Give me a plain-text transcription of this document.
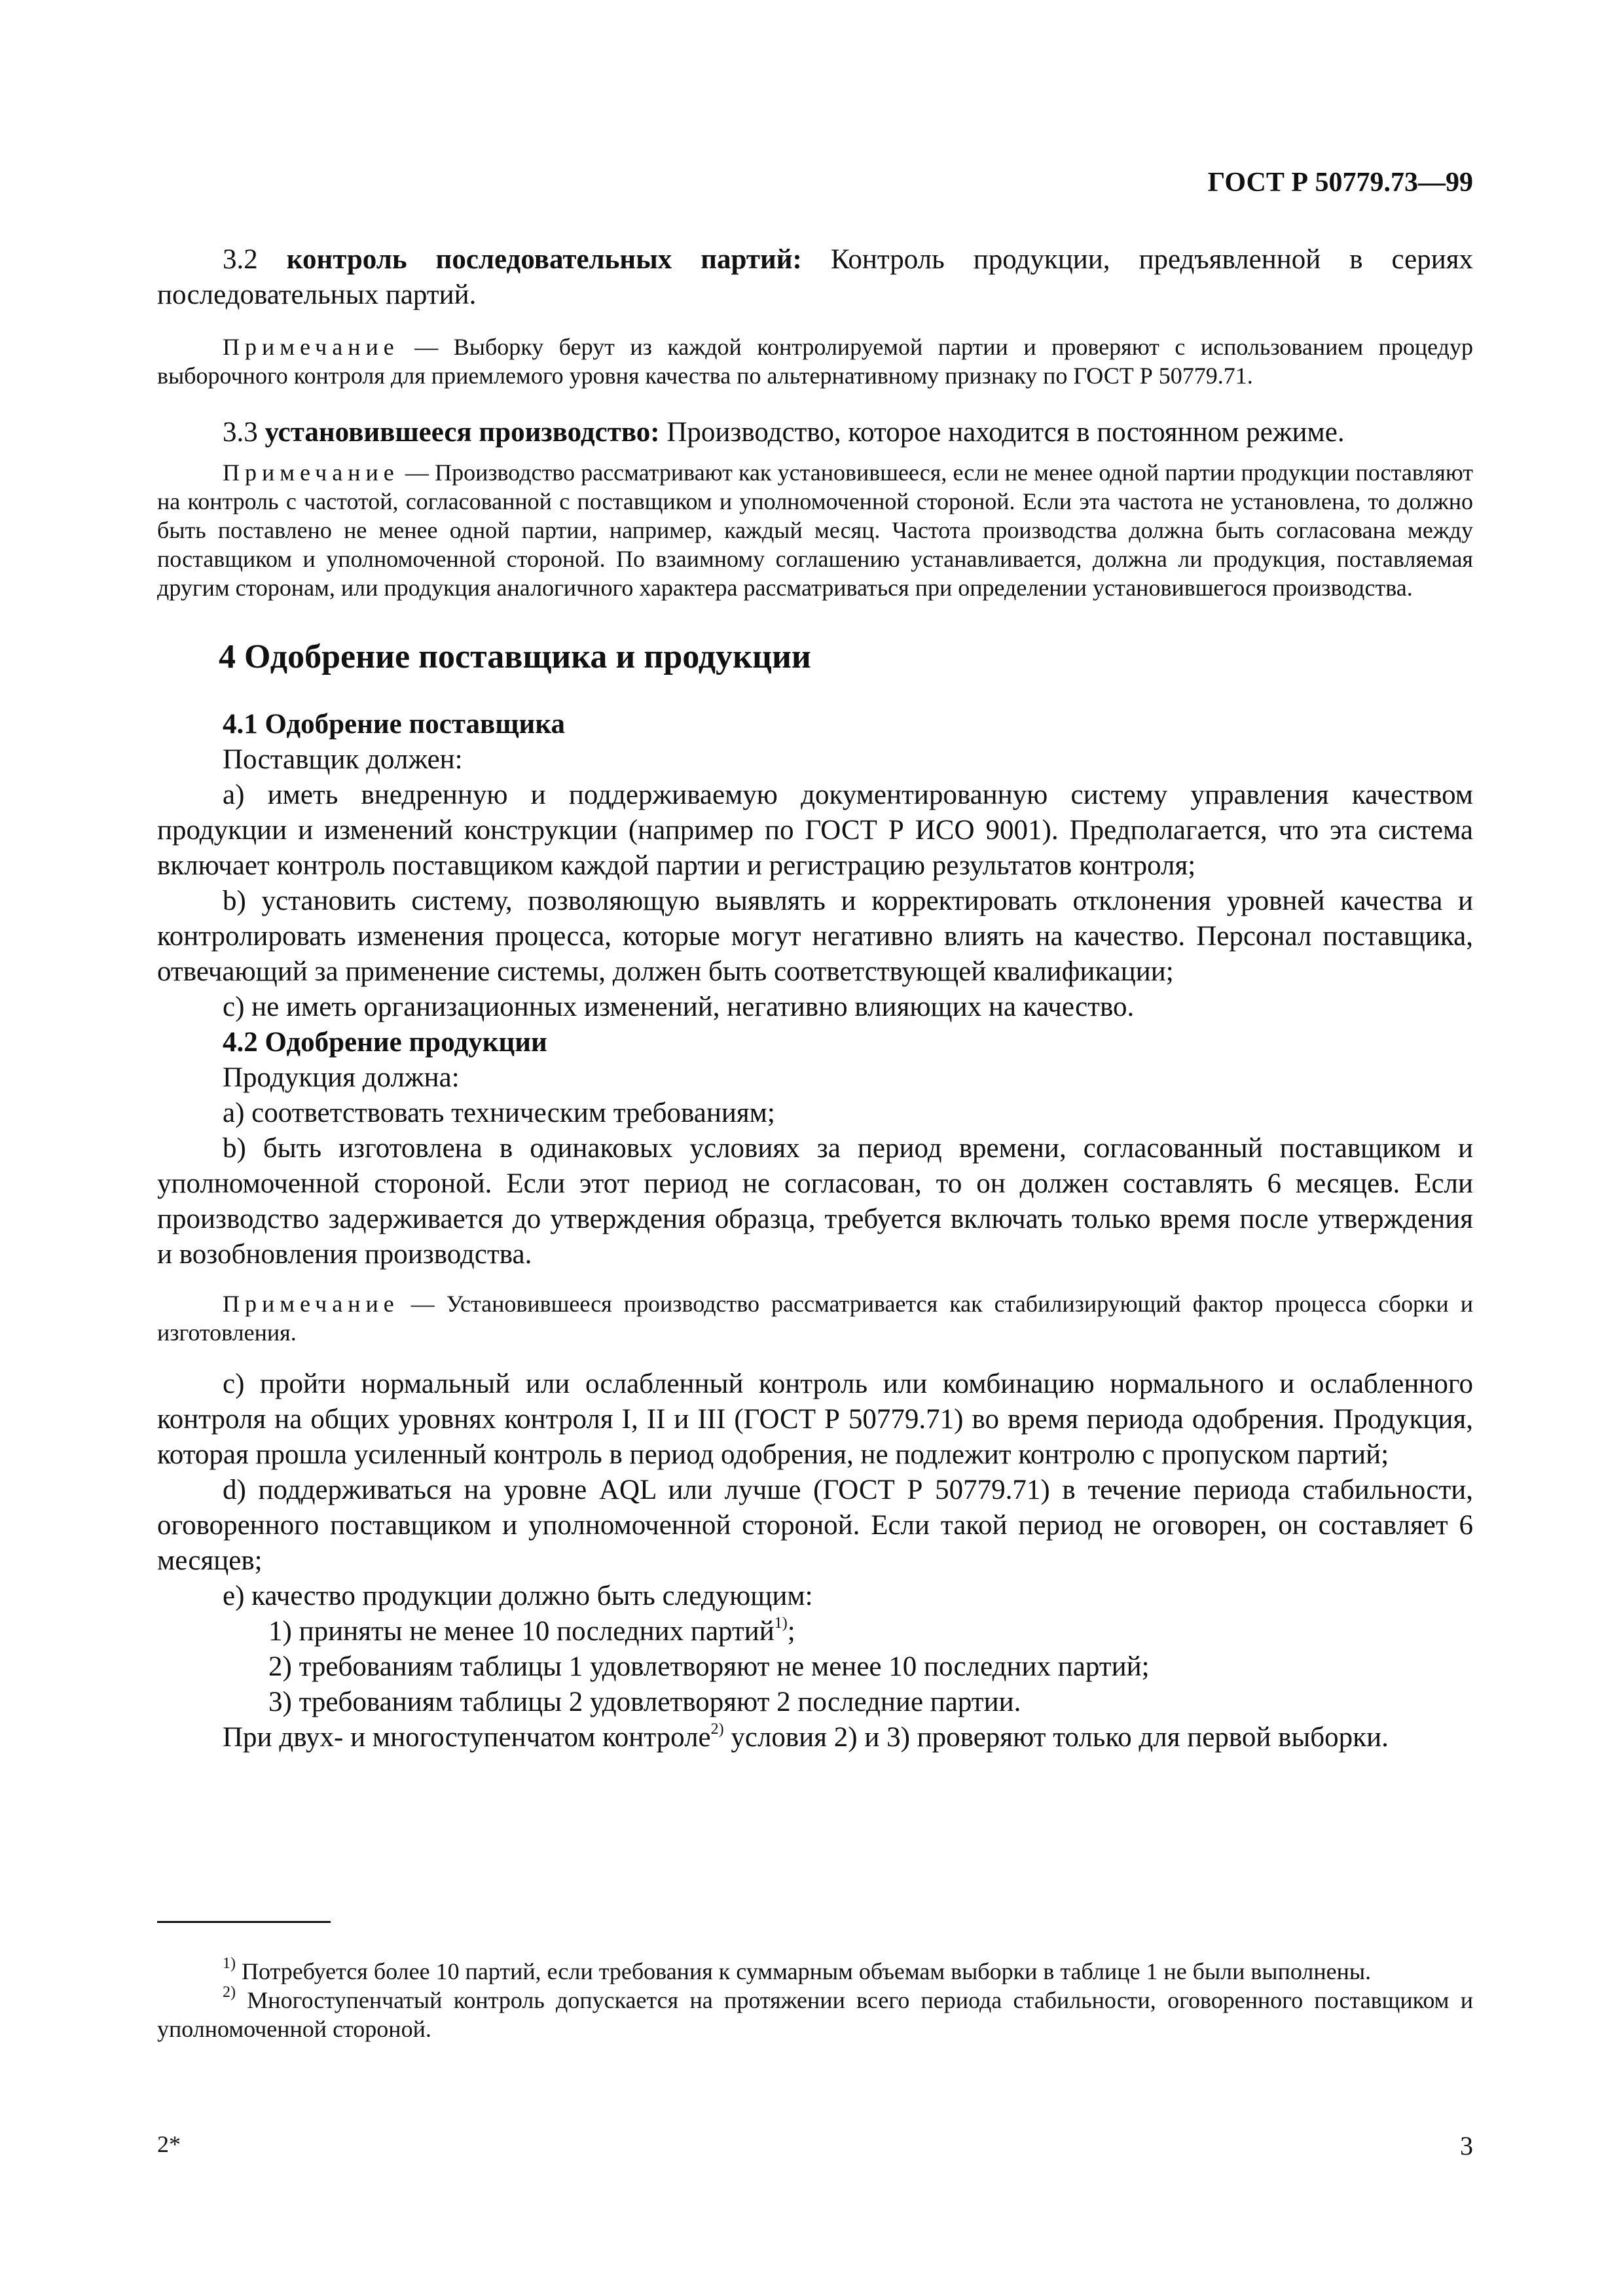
ГОСТ Р 50779.73—99

3.2 контроль последовательных партий: Контроль продукции, предъявленной в сериях последовательных партий.

Примечание — Выборку берут из каждой контролируемой партии и проверяют с использованием процедур выборочного контроля для приемлемого уровня качества по альтернативному признаку по ГОСТ Р 50779.71.

3.3 установившееся производство: Производство, которое находится в постоянном режиме.

Примечание — Производство рассматривают как установившееся, если не менее одной партии продукции поставляют на контроль с частотой, согласованной с поставщиком и уполномоченной стороной. Если эта частота не установлена, то должно быть поставлено не менее одной партии, например, каждый месяц. Частота производства должна быть согласована между поставщиком и уполномоченной стороной. По взаимному соглашению устанавливается, должна ли продукция, поставляемая другим сторонам, или продукция аналогичного характера рассматриваться при определении установившегося производства.

4 Одобрение поставщика и продукции
4.1 Одобрение поставщика

Поставщик должен:

a) иметь внедренную и поддерживаемую документированную систему управления качеством продукции и изменений конструкции (например по ГОСТ Р ИСО 9001). Предполагается, что эта система включает контроль поставщиком каждой партии и регистрацию результатов контроля;

b) установить систему, позволяющую выявлять и корректировать отклонения уровней качества и контролировать изменения процесса, которые могут негативно влиять на качество. Персонал поставщика, отвечающий за применение системы, должен быть соответствующей квалификации;

c) не иметь организационных изменений, негативно влияющих на качество.

4.2 Одобрение продукции

Продукция должна:

a) соответствовать техническим требованиям;

b) быть изготовлена в одинаковых условиях за период времени, согласованный поставщиком и уполномоченной стороной. Если этот период не согласован, то он должен составлять 6 месяцев. Если производство задерживается до утверждения образца, требуется включать только время после утверждения и возобновления производства.

Примечание — Установившееся производство рассматривается как стабилизирующий фактор процесса сборки и изготовления.

c) пройти нормальный или ослабленный контроль или комбинацию нормального и ослабленного контроля на общих уровнях контроля I, II и III (ГОСТ Р 50779.71) во время периода одобрения. Продукция, которая прошла усиленный контроль в период одобрения, не подлежит контролю с пропуском партий;

d) поддерживаться на уровне AQL или лучше (ГОСТ Р 50779.71) в течение периода стабильности, оговоренного поставщиком и уполномоченной стороной. Если такой период не оговорен, он составляет 6 месяцев;

e) качество продукции должно быть следующим:

1) приняты не менее 10 последних партий$^{1)}$;

2) требованиям таблицы 1 удовлетворяют не менее 10 последних партий;

3) требованиям таблицы 2 удовлетворяют 2 последние партии.

При двух- и многоступенчатом контроле$^{2)}$ условия 2) и 3) проверяют только для первой выборки.

$^{1)}$ Потребуется более 10 партий, если требования к суммарным объемам выборки в таблице 1 не были выполнены.

$^{2)}$ Многоступенчатый контроль допускается на протяжении всего периода стабильности, оговоренного поставщиком и уполномоченной стороной.

2*	3
